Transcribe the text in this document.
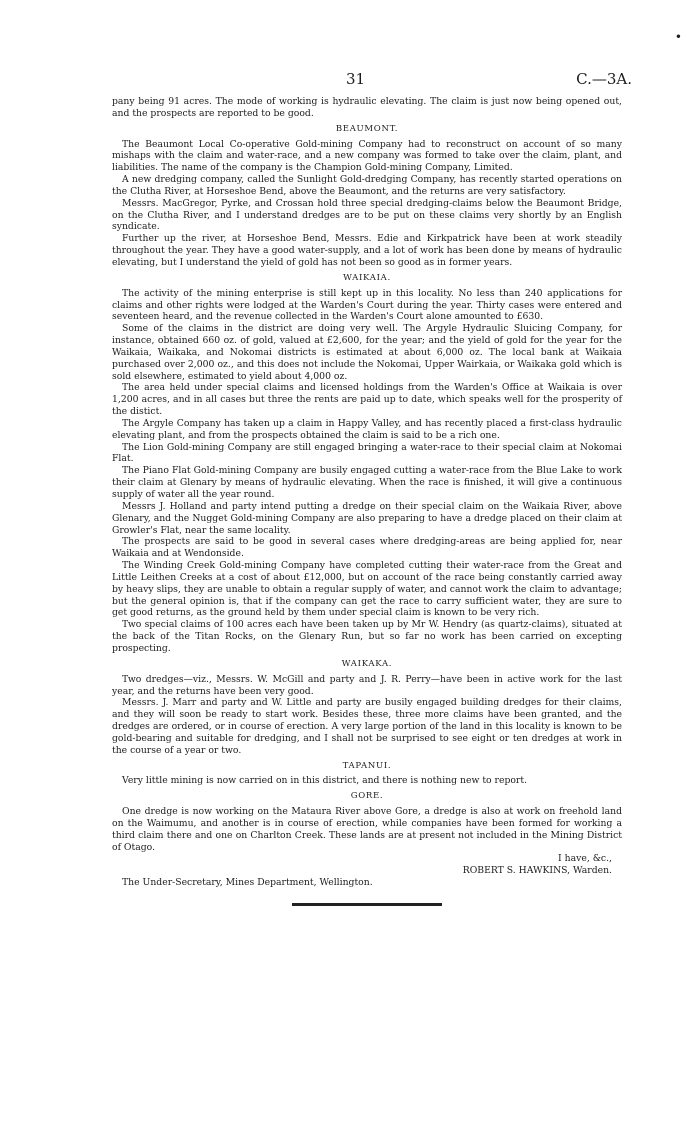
•
31	C.—3A.

pany being 91 acres. The mode of working is hydraulic elevating. The claim is just now being opened out, and the prospects are reported to be good.

BEAUMONT.

The Beaumont Local Co-operative Gold-mining Company had to reconstruct on account of so many mishaps with the claim and water-race, and a new company was formed to take over the claim, plant, and liabilities. The name of the company is the Champion Gold-mining Company, Limited.

A new dredging company, called the Sunlight Gold-dredging Company, has recently started operations on the Clutha River, at Horseshoe Bend, above the Beaumont, and the returns are very satisfactory.

Messrs. MacGregor, Pyrke, and Crossan hold three special dredging-claims below the Beaumont Bridge, on the Clutha River, and I understand dredges are to be put on these claims very shortly by an English syndicate.

Further up the river, at Horseshoe Bend, Messrs. Edie and Kirkpatrick have been at work steadily throughout the year. They have a good water-supply, and a lot of work has been done by means of hydraulic elevating, but I understand the yield of gold has not been so good as in former years.

WAIKAIA.

The activity of the mining enterprise is still kept up in this locality. No less than 240 applications for claims and other rights were lodged at the Warden's Court during the year. Thirty cases were entered and seventeen heard, and the revenue collected in the Warden's Court alone amounted to £630.

Some of the claims in the district are doing very well. The Argyle Hydraulic Sluicing Company, for instance, obtained 660 oz. of gold, valued at £2,600, for the year; and the yield of gold for the year for the Waikaia, Waikaka, and Nokomai districts is estimated at about 6,000 oz. The local bank at Waikaia purchased over 2,000 oz., and this does not include the Nokomai, Upper Wairkaia, or Waikaka gold which is sold elsewhere, estimated to yield about 4,000 oz.

The area held under special claims and licensed holdings from the Warden's Office at Waikaia is over 1,200 acres, and in all cases but three the rents are paid up to date, which speaks well for the prosperity of the distict.

The Argyle Company has taken up a claim in Happy Valley, and has recently placed a first-class hydraulic elevating plant, and from the prospects obtained the claim is said to be a rich one.

The Lion Gold-mining Company are still engaged bringing a water-race to their special claim at Nokomai Flat.

The Piano Flat Gold-mining Company are busily engaged cutting a water-race from the Blue Lake to work their claim at Glenary by means of hydraulic elevating. When the race is finished, it will give a continuous supply of water all the year round.

Messrs J. Holland and party intend putting a dredge on their special claim on the Waikaia River, above Glenary, and the Nugget Gold-mining Company are also preparing to have a dredge placed on their claim at Growler's Flat, near the same locality.

The prospects are said to be good in several cases where dredging-areas are being applied for, near Waikaia and at Wendonside.

The Winding Creek Gold-mining Company have completed cutting their water-race from the Great and Little Leithen Creeks at a cost of about £12,000, but on account of the race being constantly carried away by heavy slips, they are unable to obtain a regular supply of water, and cannot work the claim to advantage; but the general opinion is, that if the company can get the race to carry sufficient water, they are sure to get good returns, as the ground held by them under special claim is known to be very rich.

Two special claims of 100 acres each have been taken up by Mr W. Hendry (as quartz-claims), situated at the back of the Titan Rocks, on the Glenary Run, but so far no work has been carried on excepting prospecting.

WAIKAKA.

Two dredges—viz., Messrs. W. McGill and party and J. R. Perry—have been in active work for the last year, and the returns have been very good.

Messrs. J. Marr and party and W. Little and party are busily engaged building dredges for their claims, and they will soon be ready to start work. Besides these, three more claims have been granted, and the dredges are ordered, or in course of erection. A very large portion of the land in this locality is known to be gold-bearing and suitable for dredging, and I shall not be surprised to see eight or ten dredges at work in the course of a year or two.

TAPANUI.

Very little mining is now carried on in this district, and there is nothing new to report.

GORE.

One dredge is now working on the Mataura River above Gore, a dredge is also at work on freehold land on the Waimumu, and another is in course of erection, while companies have been formed for working a third claim there and one on Charlton Creek. These lands are at present not included in the Mining District of Otago.

I have, &c.,
ROBERT S. HAWKINS, Warden.

The Under-Secretary, Mines Department, Wellington.
